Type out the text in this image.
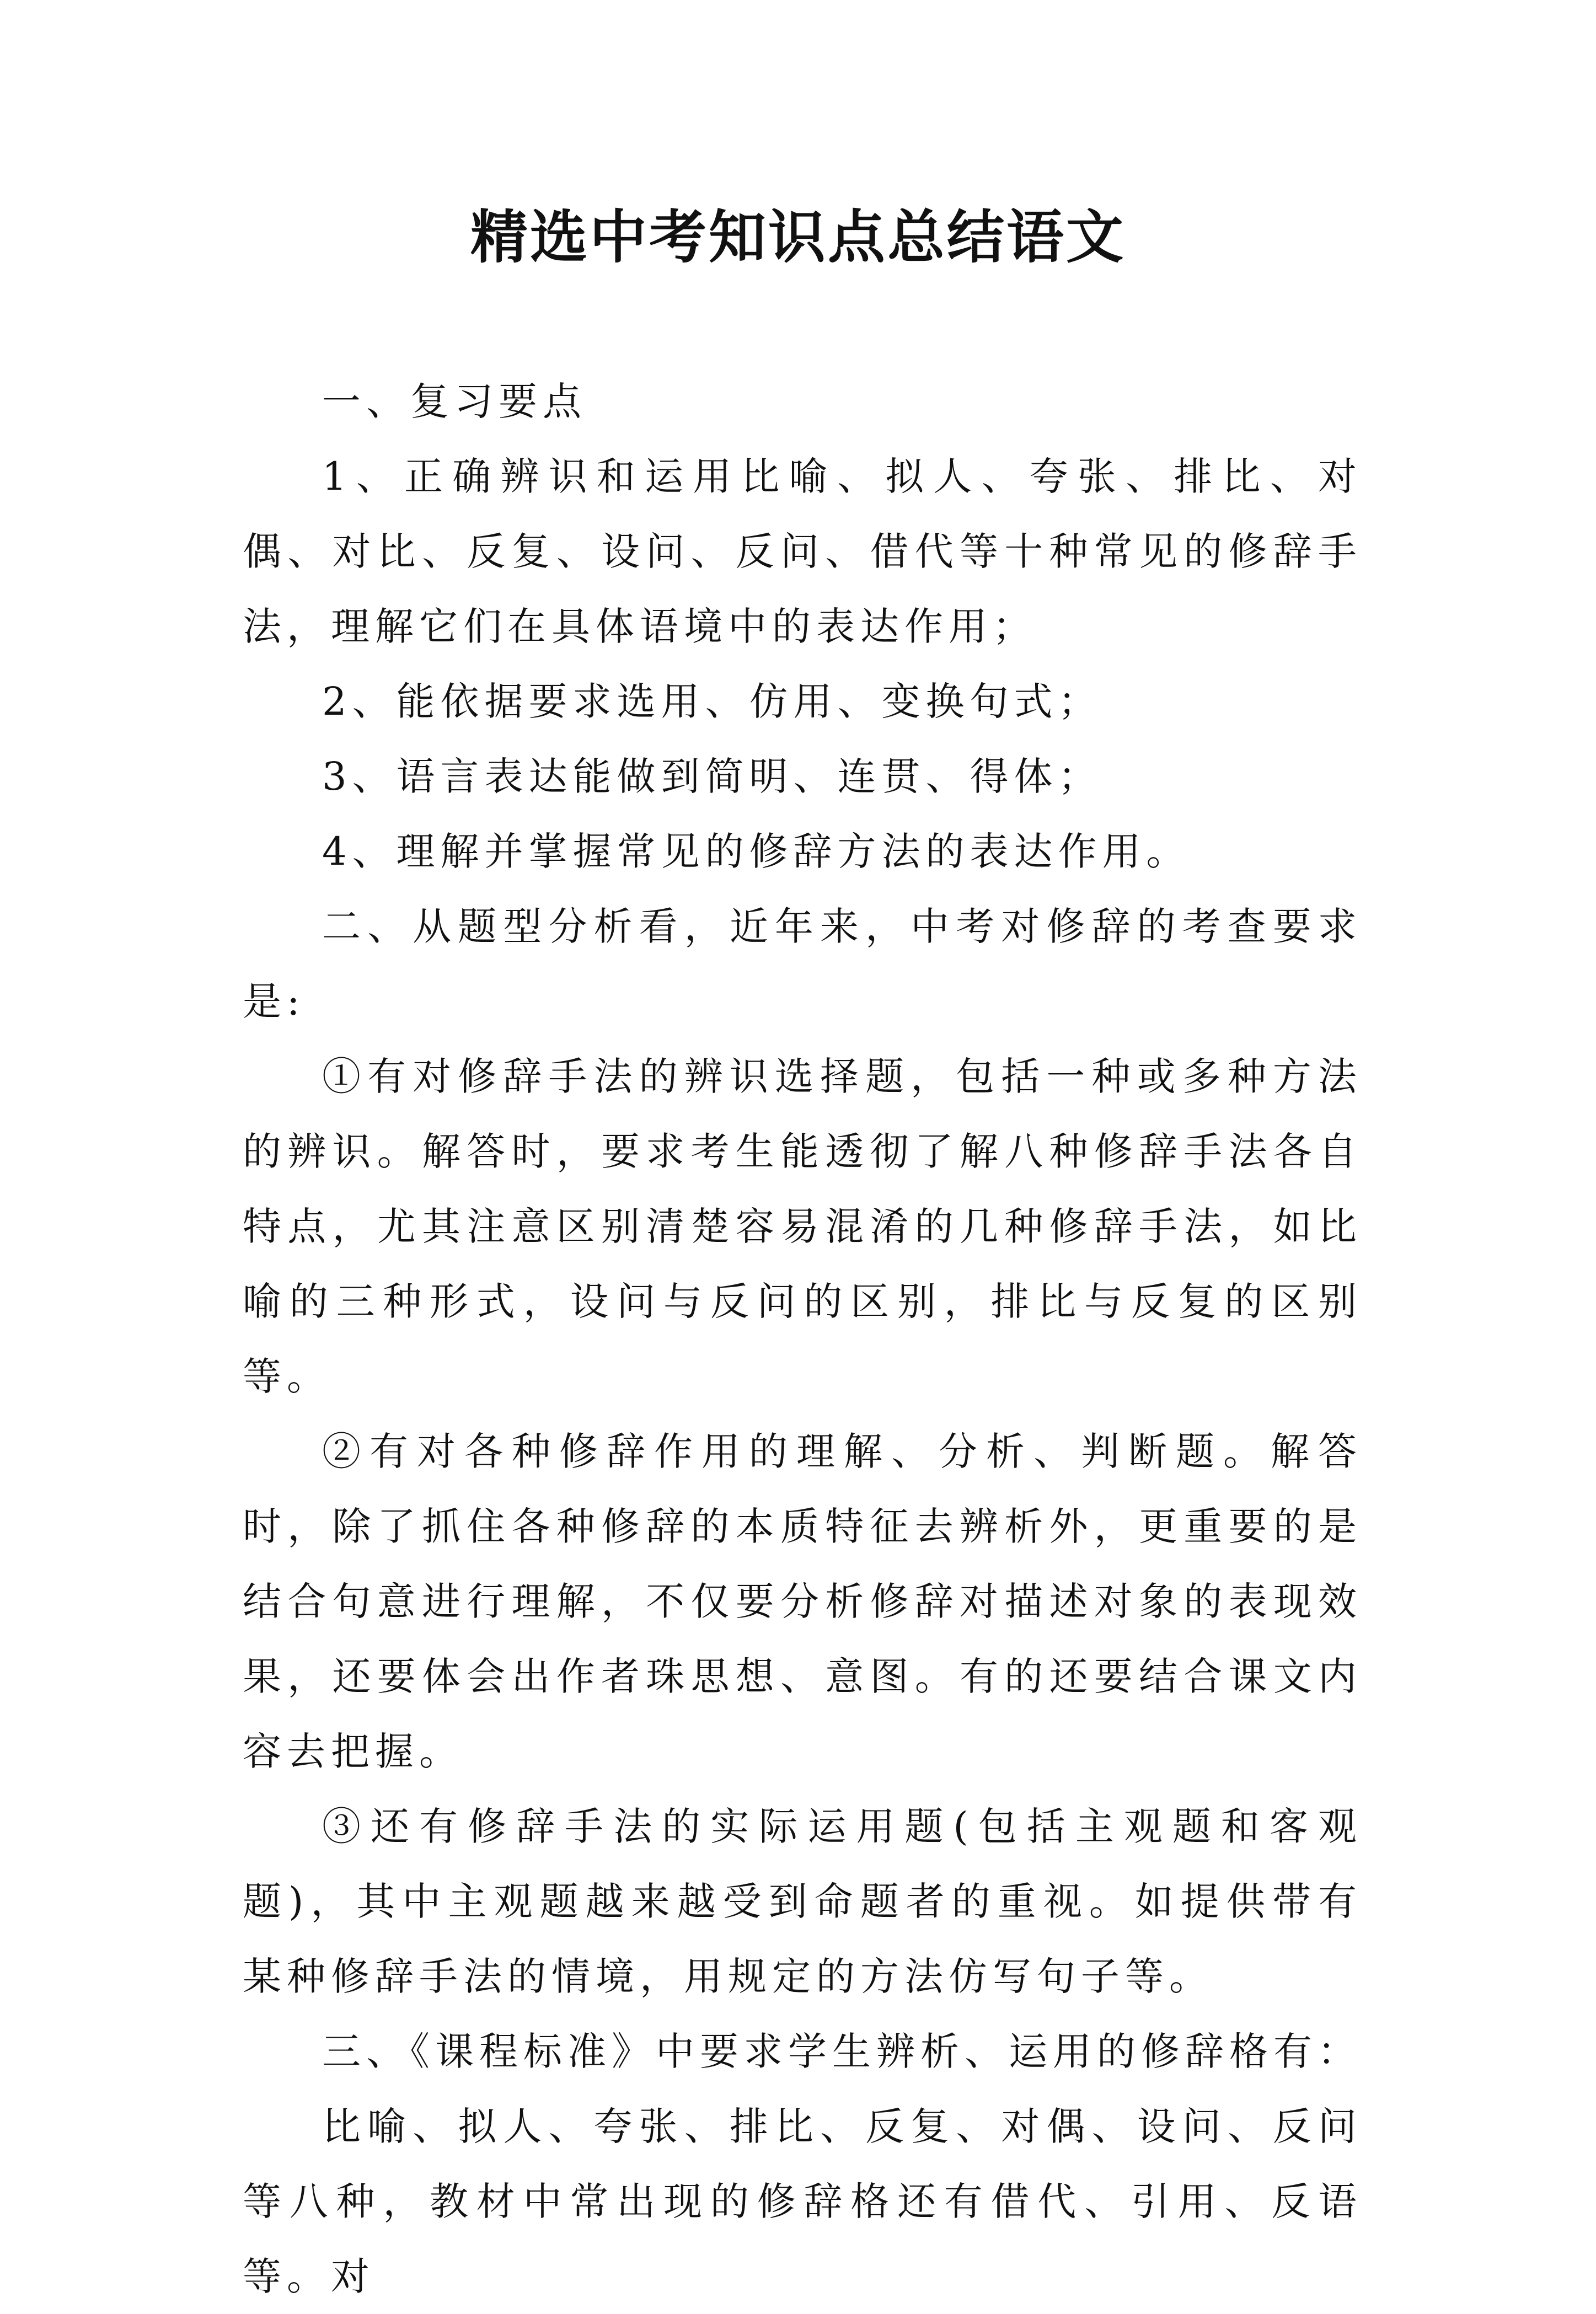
精选中考知识点总结语文

一、复习要点

1、正确辨识和运用比喻、拟人、夸张、排比、对偶、对比、反复、设问、反问、借代等十种常见的修辞手法，理解它们在具体语境中的表达作用；

2、能依据要求选用、仿用、变换句式；

3、语言表达能做到简明、连贯、得体；

4、理解并掌握常见的修辞方法的表达作用。

二、从题型分析看，近年来，中考对修辞的考查要求是:

①有对修辞手法的辨识选择题，包括一种或多种方法的辨识。解答时，要求考生能透彻了解八种修辞手法各自特点，尤其注意区别清楚容易混淆的几种修辞手法，如比喻的三种形式，设问与反问的区别，排比与反复的区别等。

②有对各种修辞作用的理解、分析、判断题。解答时，除了抓住各种修辞的本质特征去辨析外，更重要的是结合句意进行理解，不仅要分析修辞对描述对象的表现效果，还要体会出作者珠思想、意图。有的还要结合课文内容去把握。

③还有修辞手法的实际运用题(包括主观题和客观题)，其中主观题越来越受到命题者的重视。如提供带有某种修辞手法的情境，用规定的方法仿写句子等。

三、《课程标准》中要求学生辨析、运用的修辞格有：

比喻、拟人、夸张、排比、反复、对偶、设问、反问等八种，教材中常出现的修辞格还有借代、引用、反语等。对
